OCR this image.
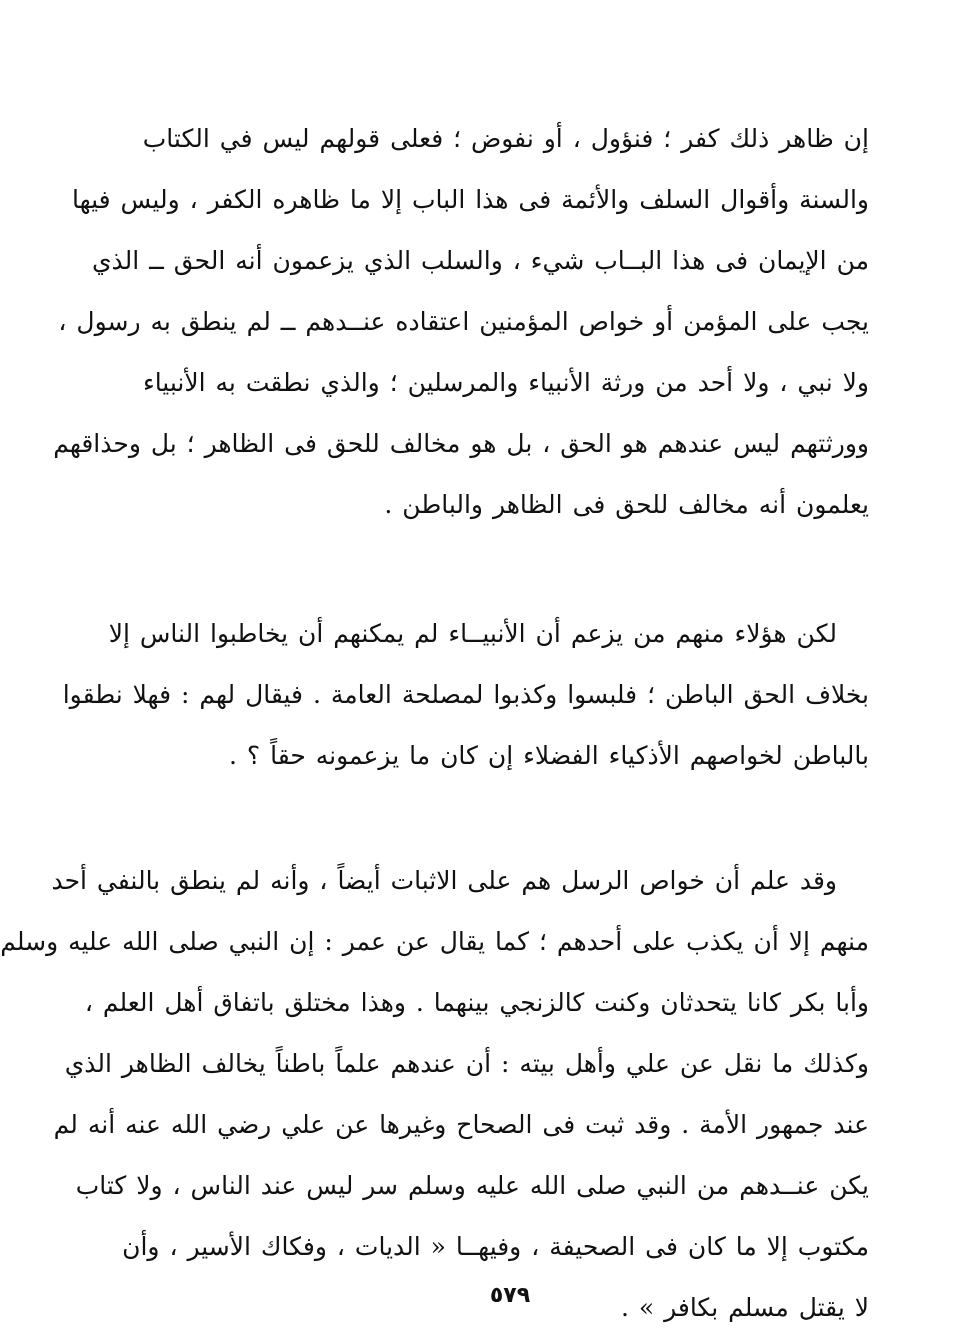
إن ظاهر ذلك كفر ؛ فنؤول ، أو نفوض ؛ فعلى قولهم ليس في الكتاب
والسنة وأقوال السلف والأئمة فى هذا الباب إلا ما ظاهره الكفر ، وليس فيها
من الإيمان فى هذا البــاب شيء ، والسلب الذي يزعمون أنه الحق ــ الذي
يجب على المؤمن أو خواص المؤمنين اعتقاده عنــدهم ــ لم ينطق به رسول ،
ولا نبي ، ولا أحد من ورثة الأنبياء والمرسلين ؛ والذي نطقت به الأنبياء
وورثتهم ليس عندهم هو الحق ، بل هو مخالف للحق فى الظاهر ؛ بل وحذاقهم
يعلمون أنه مخالف للحق فى الظاهر والباطن .

لكن هؤلاء منهم من يزعم أن الأنبيــاء لم يمكنهم أن يخاطبوا الناس إلا
بخلاف الحق الباطن ؛ فلبسوا وكذبوا لمصلحة العامة . فيقال لهم : فهلا نطقوا
بالباطن لخواصهم الأذكياء الفضلاء إن كان ما يزعمونه حقاً ؟ .

وقد علم أن خواص الرسل هم على الاثبات أيضاً ، وأنه لم ينطق بالنفي أحد
منهم إلا أن يكذب على أحدهم ؛ كما يقال عن عمر : إن النبي صلى الله عليه وسلم
وأبا بكر كانا يتحدثان وكنت كالزنجي بينهما . وهذا مختلق باتفاق أهل العلم ،
وكذلك ما نقل عن علي وأهل بيته : أن عندهم علماً باطناً يخالف الظاهر الذي
عند جمهور الأمة . وقد ثبت فى الصحاح وغيرها عن علي رضي الله عنه أنه لم
يكن عنــدهم من النبي صلى الله عليه وسلم سر ليس عند الناس ، ولا كتاب
مكتوب إلا ما كان فى الصحيفة ، وفيهــا « الديات ، وفكاك الأسير ، وأن
لا يقتل مسلم بكافر » .

٥٧٩
